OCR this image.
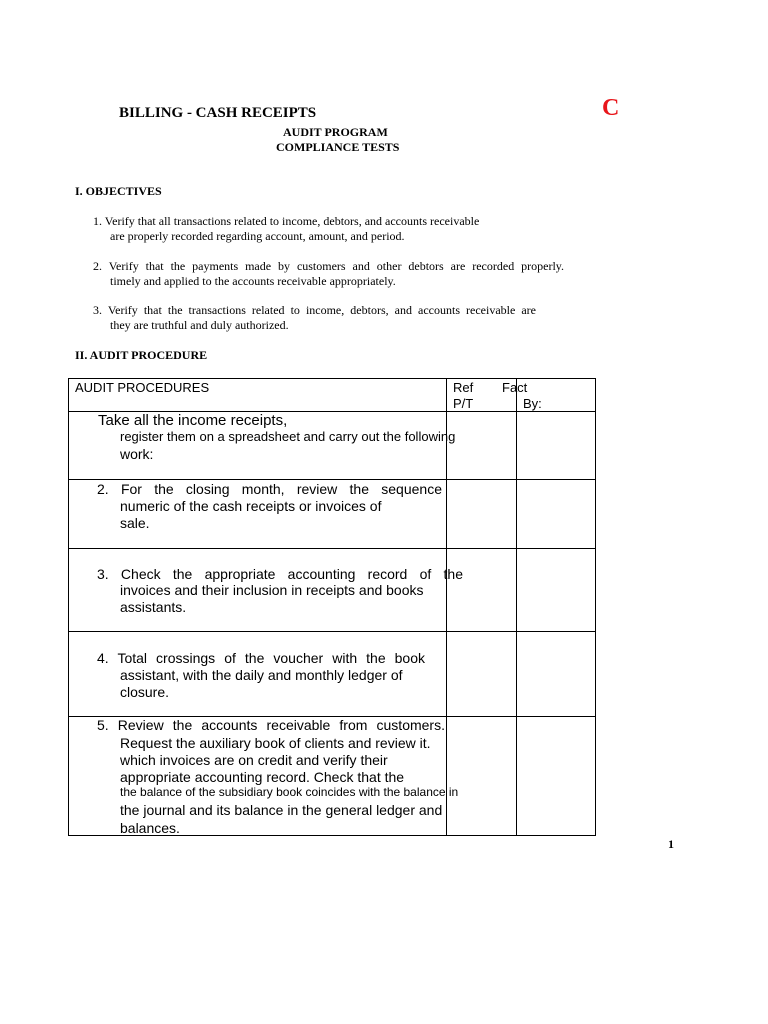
BILLING - CASH RECEIPTS	C
AUDIT PROGRAM
COMPLIANCE TESTS
I. OBJECTIVES
1. Verify that all transactions related to income, debtors, and accounts receivable
are properly recorded regarding account, amount, and period.
2. Verify that the payments made by customers and other debtors are recorded properly.
timely and applied to the accounts receivable appropriately.
3. Verify that the transactions related to income, debtors, and accounts receivable are
they are truthful and duly authorized.
II. AUDIT PROCEDURE
AUDIT PROCEDURES	Ref
P/T
Fact
By:
Take all the income receipts,
register them on a spreadsheet and carry out the following
work:
2. For the closing month, review the sequence
numeric of the cash receipts or invoices of
sale.
3. Check the appropriate accounting record of the
invoices and their inclusion in receipts and books
assistants.
4. Total crossings of the voucher with the book
assistant, with the daily and monthly ledger of
closure.
5. Review the accounts receivable from customers.
Request the auxiliary book of clients and review it.
which invoices are on credit and verify their
appropriate accounting record. Check that the
the balance of the subsidiary book coincides with the balance in
the journal and its balance in the general ledger and
balances.
1
